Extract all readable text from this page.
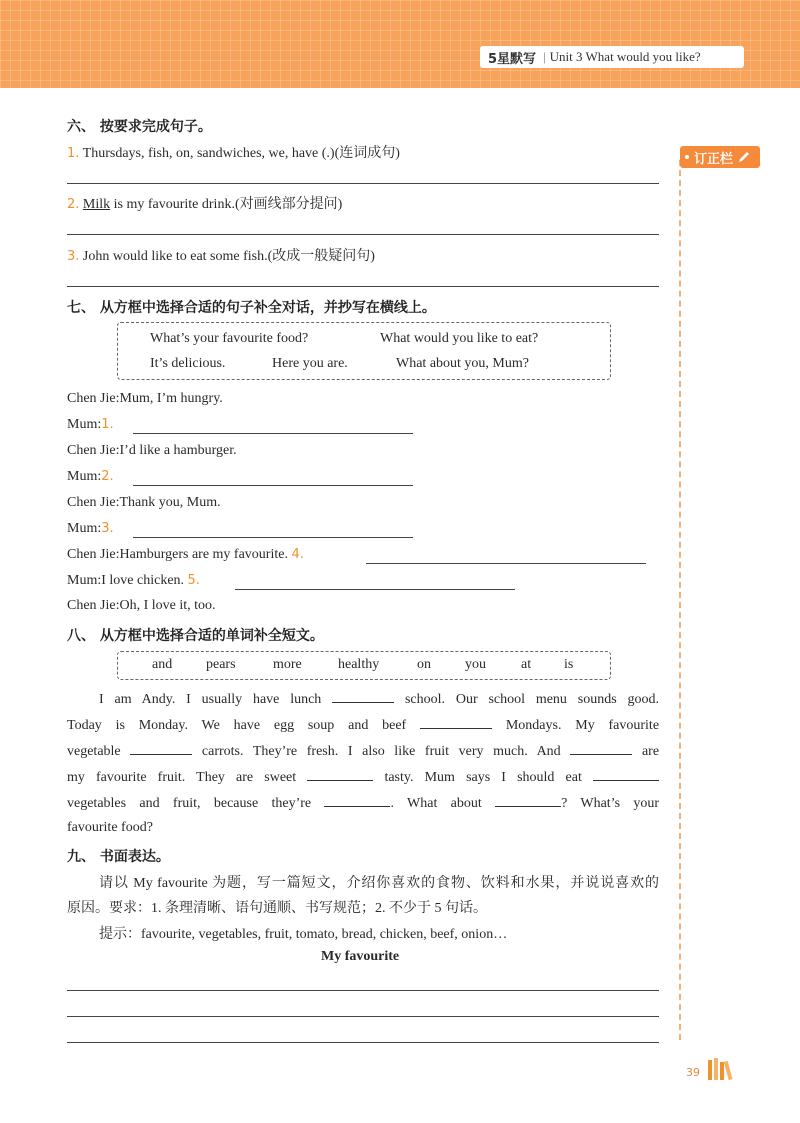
5星默写 | Unit 3 What would you like?
订正栏
六、 按要求完成句子。
1. Thursdays, fish, on, sandwiches, we, have (.)(连词成句)
2. Milk is my favourite drink.(对画线部分提问)
3. John would like to eat some fish.(改成一般疑问句)
七、 从方框中选择合适的句子补全对话，并抄写在横线上。
What’s your favourite food?	What would you like to eat?
It’s delicious.	Here you are.	What about you, Mum?
Chen Jie:Mum, I’m hungry.
Mum:1.
Chen Jie:I’d like a hamburger.
Mum:2.
Chen Jie:Thank you, Mum.
Mum:3.
Chen Jie:Hamburgers are my favourite. 4.
Mum:I love chicken. 5.
Chen Jie:Oh, I love it, too.
八、 从方框中选择合适的单词补全短文。
and pears	more	healthy	on you	at is
I am Andy. I usually have lunch	school. Our school menu sounds good.
Today is Monday. We have egg soup and beef	Mondays. My favourite
vegetable	carrots. They’re fresh. I also like fruit very much. And	are
my favourite fruit. They are sweet	tasty. Mum says I should eat
vegetables and fruit, because they’re	. What about	? What’s your
favourite food?
九、 书面表达。
请以 My favourite 为题，写一篇短文，介绍你喜欢的食物、饮料和水果，并说说喜欢的
原因。要求：1. 条理清晰、语句通顺、书写规范；2. 不少于 5 句话。
提示：favourite, vegetables, fruit, tomato, bread, chicken, beef, onion…
My favourite
39
